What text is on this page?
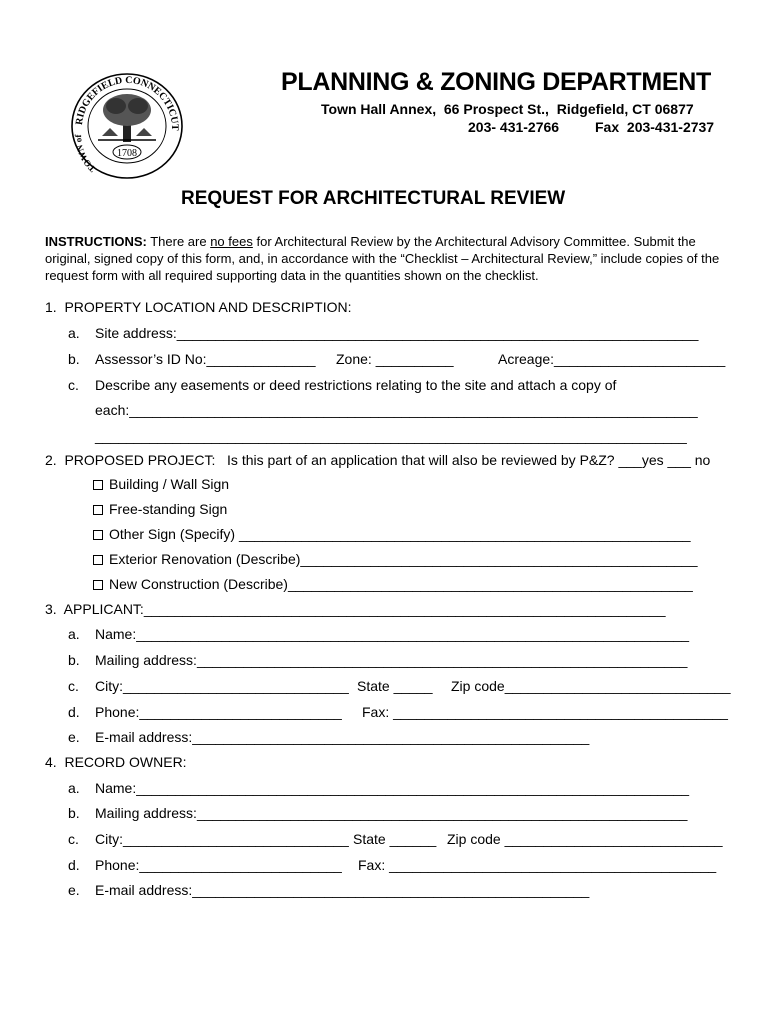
RIDGEFIELD CONNECTICUT
TOWN of
1708
PLANNING & ZONING DEPARTMENT
Town Hall Annex,  66 Prospect St.,  Ridgefield, CT 06877
203- 431-2766	Fax  203-431-2737
REQUEST FOR ARCHITECTURAL REVIEW
INSTRUCTIONS: There are no fees for Architectural Review by the Architectural Advisory Committee. Submit the original, signed copy of this form, and, in accordance with the “Checklist – Architectural Review,” include copies of the request form with all required supporting data in the quantities shown on the checklist.
1.  PROPERTY LOCATION AND DESCRIPTION:
a. Site address:___________________________________________________________________
b. Assessor’s ID No:______________ Zone: __________	Acreage:______________________
c. Describe any easements or deed restrictions relating to the site and attach a copy of
each:_________________________________________________________________________
____________________________________________________________________________
2.  PROPOSED PROJECT:   Is this part of an application that will also be reviewed by P&Z? ___yes ___ no
Building / Wall Sign
Free-standing Sign
Other Sign (Specify) __________________________________________________________
Exterior Renovation (Describe)___________________________________________________
New Construction (Describe)____________________________________________________
3.  APPLICANT:___________________________________________________________________
a. Name:_______________________________________________________________________
b. Mailing address:_______________________________________________________________
c. City:_____________________________ State _____ Zip code_____________________________
d. Phone:__________________________ Fax: ___________________________________________
e. E-mail address:___________________________________________________
4.  RECORD OWNER:
a. Name:_______________________________________________________________________
b. Mailing address:_______________________________________________________________
c. City:_____________________________ State ______ Zip code ____________________________
d. Phone:__________________________ Fax: __________________________________________
e. E-mail address:___________________________________________________
